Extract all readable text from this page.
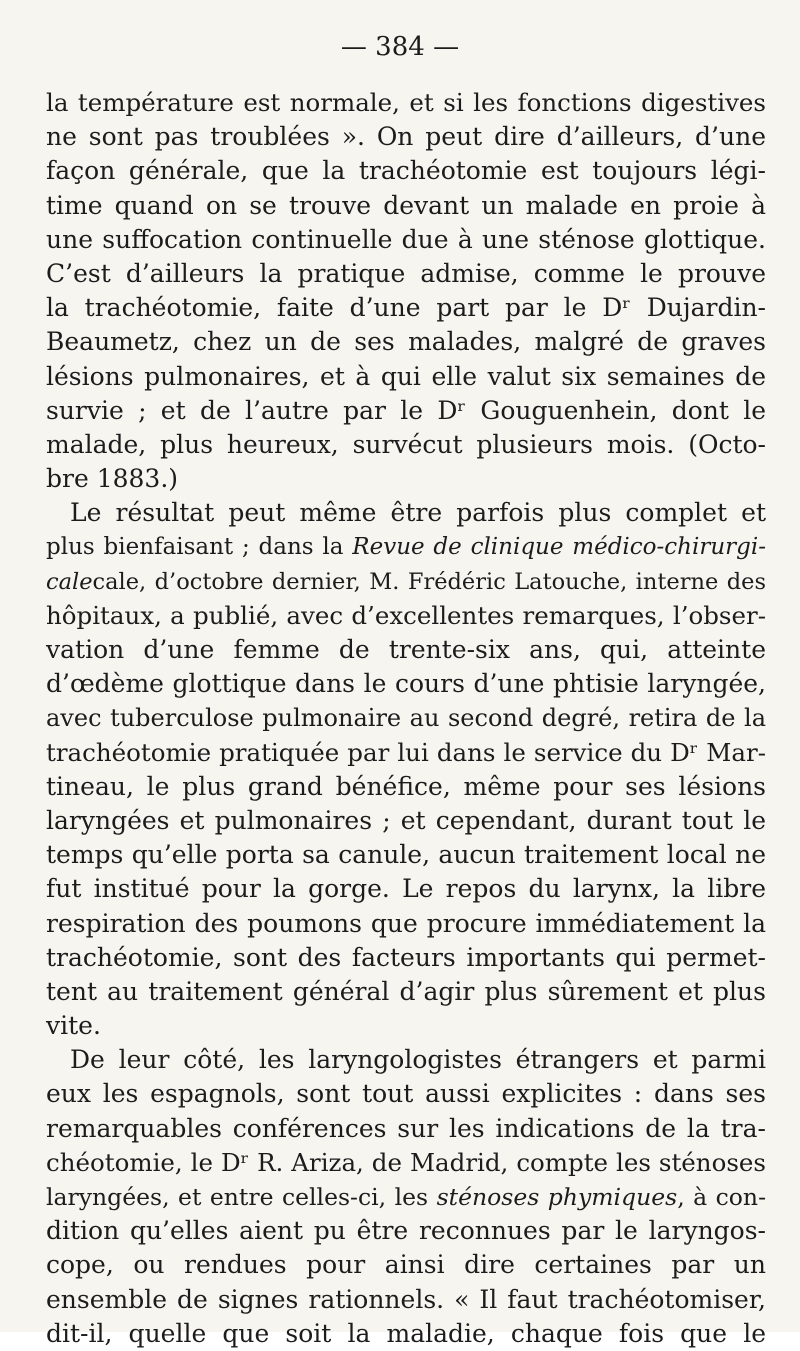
— 384 —
la température est normale, et si les fonctions digestives
ne sont pas troublées ». On peut dire d’ailleurs, d’une
façon générale, que la trachéotomie est toujours légi-
time quand on se trouve devant un malade en proie à
une suffocation continuelle due à une sténose glottique.
C’est d’ailleurs la pratique admise, comme le prouve
la trachéotomie, faite d’une part par le Dʳ Dujardin-
Beaumetz, chez un de ses malades, malgré de graves
lésions pulmonaires, et à qui elle valut six semaines de
survie ; et de l’autre par le Dʳ Gouguenhein, dont le
malade, plus heureux, survécut plusieurs mois. (Octo-
bre 1883.)
Le résultat peut même être parfois plus complet et
plus bienfaisant ; dans la Revue de clinique médico-chirurgi-
calecale, d’octobre dernier, M. Frédéric Latouche, interne des
hôpitaux, a publié, avec d’excellentes remarques, l’obser-
vation d’une femme de trente-six ans, qui, atteinte
d’œdème glottique dans le cours d’une phtisie laryngée,
avec tuberculose pulmonaire au second degré, retira de la
trachéotomie pratiquée par lui dans le service du Dʳ Mar-
tineau, le plus grand bénéfice, même pour ses lésions
laryngées et pulmonaires ; et cependant, durant tout le
temps qu’elle porta sa canule, aucun traitement local ne
fut institué pour la gorge. Le repos du larynx, la libre
respiration des poumons que procure immédiatement la
trachéotomie, sont des facteurs importants qui permet-
tent au traitement général d’agir plus sûrement et plus
vite.
De leur côté, les laryngologistes étrangers et parmi
eux les espagnols, sont tout aussi explicites : dans ses
remarquables conférences sur les indications de la tra-
chéotomie, le Dʳ R. Ariza, de Madrid, compte les sténoses
laryngées, et entre celles-ci, les sténoses phymiques, à con-
dition qu’elles aient pu être reconnues par le laryngos-
cope, ou rendues pour ainsi dire certaines par un
ensemble de signes rationnels. « Il faut trachéotomiser,
dit-il, quelle que soit la maladie, chaque fois que le
